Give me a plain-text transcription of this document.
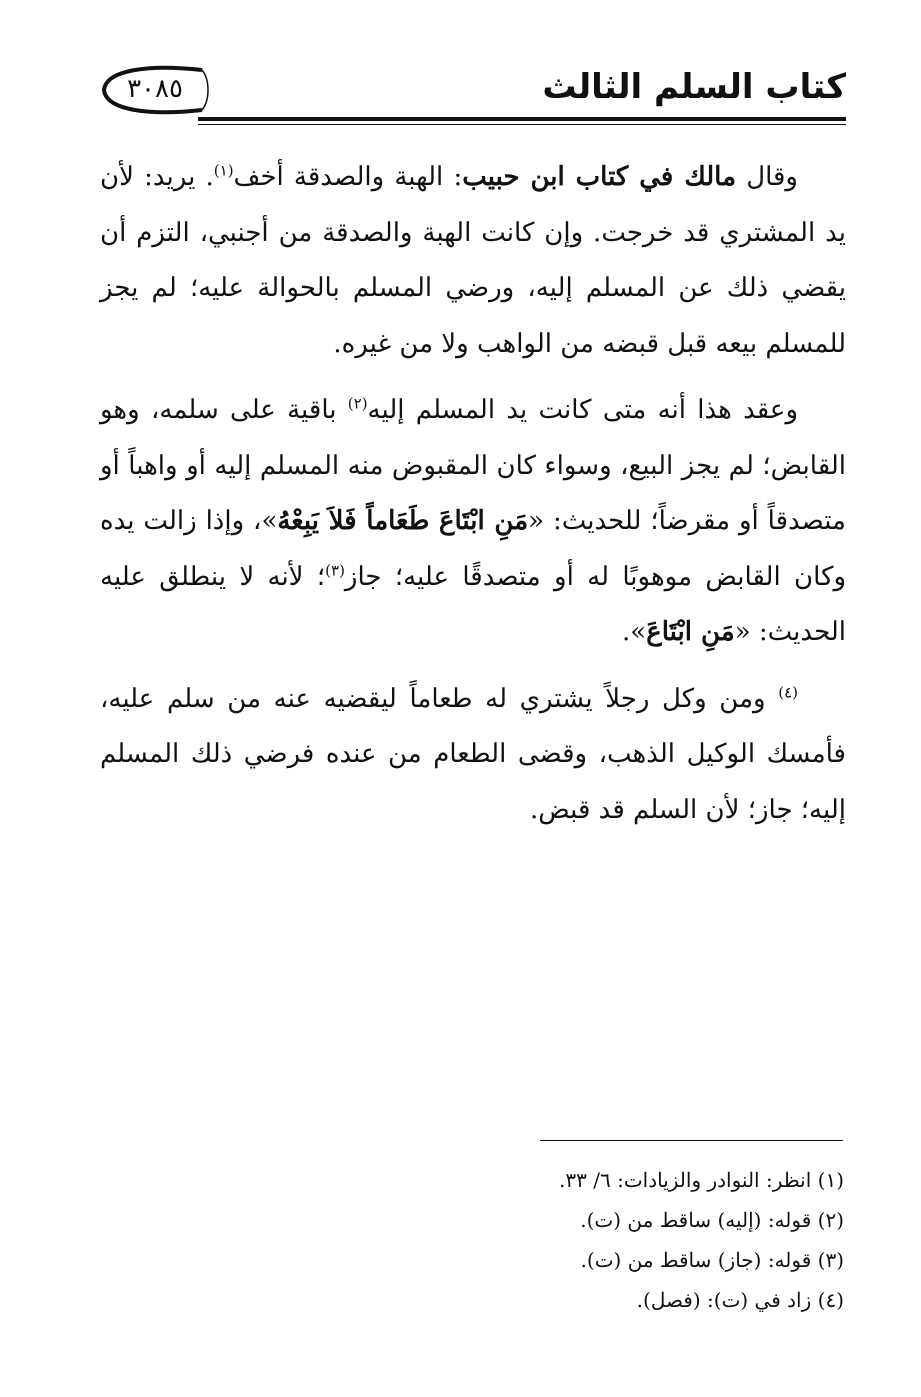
٣٠٨٥	كتاب السلم الثالث

وقال مالك في كتاب ابن حبيب: الهبة والصدقة أخف$^{(١)}$. يريد: لأن يد المشتري قد خرجت. وإن كانت الهبة والصدقة من أجنبي، التزم أن يقضي ذلك عن المسلم إليه، ورضي المسلم بالحوالة عليه؛ لم يجز للمسلم بيعه قبل قبضه من الواهب ولا من غيره.

وعقد هذا أنه متى كانت يد المسلم إليه$^{(٢)}$ باقية على سلمه، وهو القابض؛ لم يجز البيع، وسواء كان المقبوض منه المسلم إليه أو واهباً أو متصدقاً أو مقرضاً؛ للحديث: «مَنِ ابْتَاعَ طَعَاماً فَلاَ يَبِعْهُ»، وإذا زالت يده وكان القابض موهوبًا له أو متصدقًا عليه؛ جاز$^{(٣)}$؛ لأنه لا ينطلق عليه الحديث: «مَنِ ابْتَاعَ».

$^{(٤)}$ ومن وكل رجلاً يشتري له طعاماً ليقضيه عنه من سلم عليه، فأمسك الوكيل الذهب، وقضى الطعام من عنده فرضي ذلك المسلم إليه؛ جاز؛ لأن السلم قد قبض.

(١) انظر: النوادر والزيادات: ٦/ ٣٣.

(٢) قوله: (إليه) ساقط من (ت).

(٣) قوله: (جاز) ساقط من (ت).

(٤) زاد في (ت): (فصل).
